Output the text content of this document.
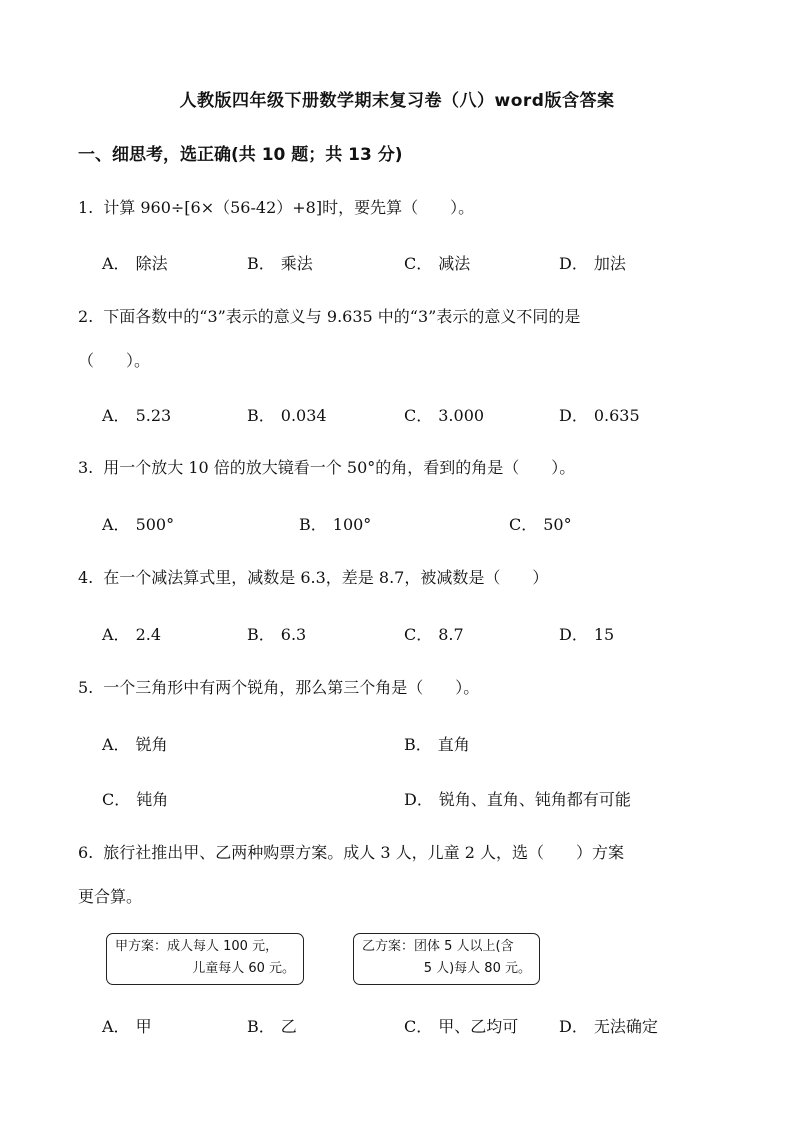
人教版四年级下册数学期末复习卷（八）word版含答案
一、细思考，选正确(共 10 题；共 13 分)
1. 计算 960÷[6×（56-42）+8]时，要先算（　　）。
A． 除法	B． 乘法	C． 减法	D． 加法
2. 下面各数中的“3”表示的意义与 9.635 中的“3”表示的意义不同的是
（　　）。
A． 5.23	B． 0.034	C． 3.000	D． 0.635
3. 用一个放大 10 倍的放大镜看一个 50°的角，看到的角是（　　）。
A． 500°	B． 100°	C． 50°
4. 在一个减法算式里，减数是 6.3，差是 8.7，被减数是（　　）
A． 2.4	B． 6.3	C． 8.7	D． 15
5. 一个三角形中有两个锐角，那么第三个角是（　　）。
A． 锐角	B． 直角
C． 钝角	D． 锐角、直角、钝角都有可能
6. 旅行社推出甲、乙两种购票方案。成人 3 人，儿童 2 人，选（　　）方案
更合算。
甲方案：成人每人 100 元，
儿童每人 60 元。
乙方案：团体 5 人以上(含
5 人)每人 80 元。
A． 甲	B． 乙	C． 甲、乙均可	D． 无法确定
